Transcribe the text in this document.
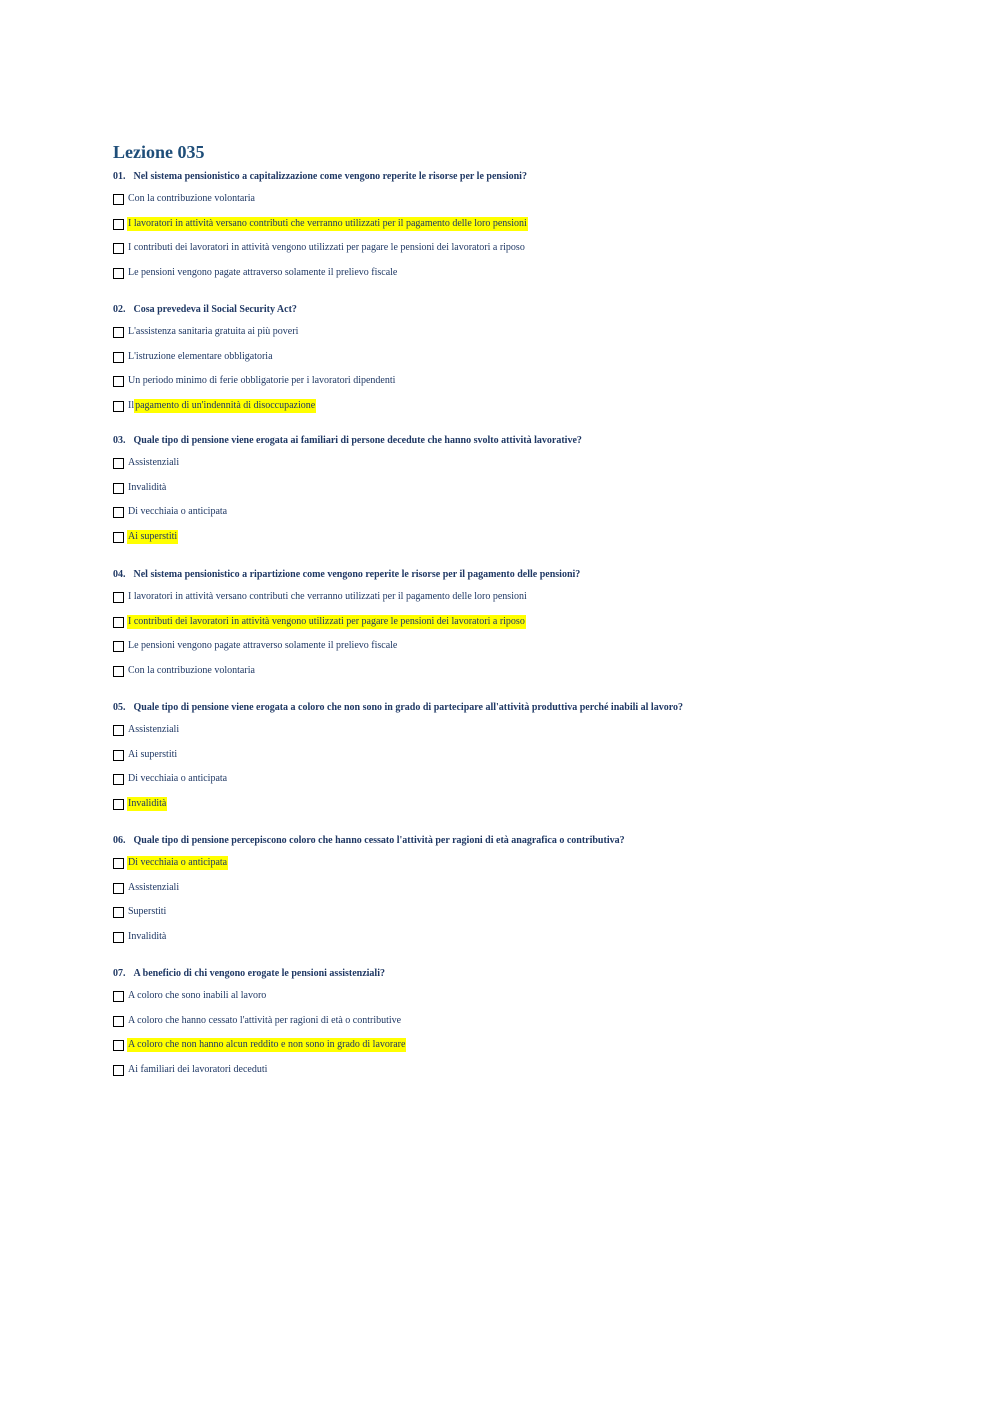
Lezione 035
01. Nel sistema pensionistico a capitalizzazione come vengono reperite le risorse per le pensioni?
Con la contribuzione volontaria
I lavoratori in attività versano contributi che verranno utilizzati per il pagamento delle loro pensioni
I contributi dei lavoratori in attività vengono utilizzati per pagare le pensioni dei lavoratori a riposo
Le pensioni vengono pagate attraverso solamente il prelievo fiscale
02. Cosa prevedeva il Social Security Act?
L'assistenza sanitaria gratuita ai più poveri
L'istruzione elementare obbligatoria
Un periodo minimo di ferie obbligatorie per i lavoratori dipendenti
Il pagamento di un'indennità di disoccupazione
03. Quale tipo di pensione viene erogata ai familiari di persone decedute che hanno svolto attività lavorative?
Assistenziali
Invalidità
Di vecchiaia o anticipata
Ai superstiti
04. Nel sistema pensionistico a ripartizione come vengono reperite le risorse per il pagamento delle pensioni?
I lavoratori in attività versano contributi che verranno utilizzati per il pagamento delle loro pensioni
I contributi dei lavoratori in attività vengono utilizzati per pagare le pensioni dei lavoratori a riposo
Le pensioni vengono pagate attraverso solamente il prelievo fiscale
Con la contribuzione volontaria
05. Quale tipo di pensione viene erogata a coloro che non sono in grado di partecipare all'attività produttiva perché inabili al lavoro?
Assistenziali
Ai superstiti
Di vecchiaia o anticipata
Invalidità
06. Quale tipo di pensione percepiscono coloro che hanno cessato l'attività per ragioni di età anagrafica o contributiva?
Di vecchiaia o anticipata
Assistenziali
Superstiti
Invalidità
07. A beneficio di chi vengono erogate le pensioni assistenziali?
A coloro che sono inabili al lavoro
A coloro che hanno cessato l'attività per ragioni di età o contributive
A coloro che non hanno alcun reddito e non sono in grado di lavorare
Ai familiari dei lavoratori deceduti
